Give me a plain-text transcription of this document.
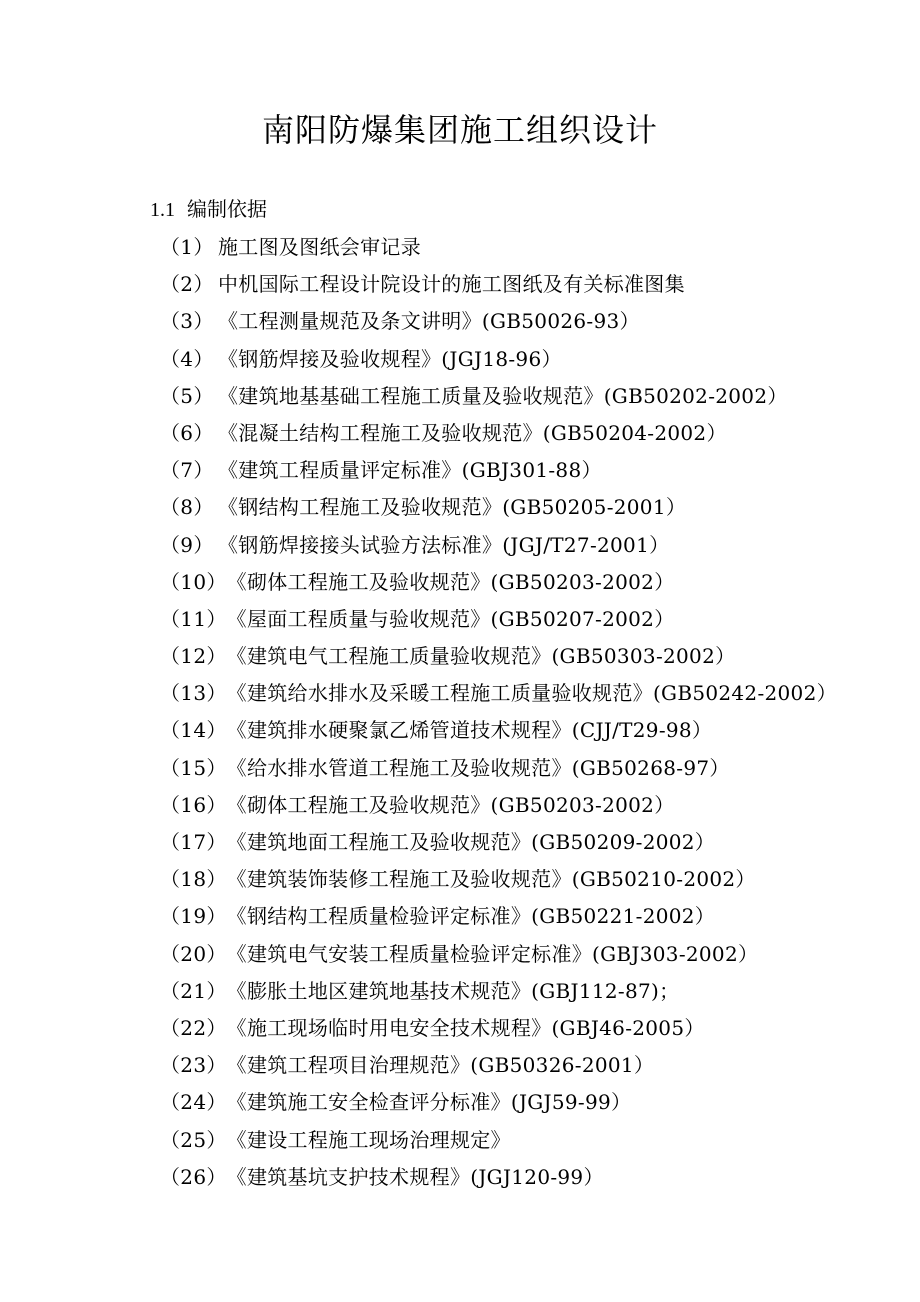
南阳防爆集团施工组织设计
1.1 编制依据
（1） 施工图及图纸会审记录
（2） 中机国际工程设计院设计的施工图纸及有关标准图集
（3） 《工程测量规范及条文讲明》(GB50026-93）
（4） 《钢筋焊接及验收规程》(JGJ18-96）
（5） 《建筑地基基础工程施工质量及验收规范》(GB50202-2002）
（6） 《混凝土结构工程施工及验收规范》(GB50204-2002）
（7） 《建筑工程质量评定标准》(GBJ301-88）
（8） 《钢结构工程施工及验收规范》(GB50205-2001）
（9） 《钢筋焊接接头试验方法标准》(JGJ/T27-2001）
（10）《砌体工程施工及验收规范》(GB50203-2002）
（11）《屋面工程质量与验收规范》(GB50207-2002）
（12）《建筑电气工程施工质量验收规范》(GB50303-2002）
（13）《建筑给水排水及采暖工程施工质量验收规范》(GB50242-2002）
（14）《建筑排水硬聚氯乙烯管道技术规程》(CJJ/T29-98）
（15）《给水排水管道工程施工及验收规范》(GB50268-97）
（16）《砌体工程施工及验收规范》(GB50203-2002）
（17）《建筑地面工程施工及验收规范》(GB50209-2002）
（18）《建筑装饰装修工程施工及验收规范》(GB50210-2002）
（19）《钢结构工程质量检验评定标准》(GB50221-2002）
（20）《建筑电气安装工程质量检验评定标准》(GBJ303-2002）
（21）《膨胀土地区建筑地基技术规范》(GBJ112-87)；
（22）《施工现场临时用电安全技术规程》(GBJ46-2005）
（23）《建筑工程项目治理规范》(GB50326-2001）
（24）《建筑施工安全检查评分标准》(JGJ59-99）
（25）《建设工程施工现场治理规定》
（26）《建筑基坑支护技术规程》(JGJ120-99）
